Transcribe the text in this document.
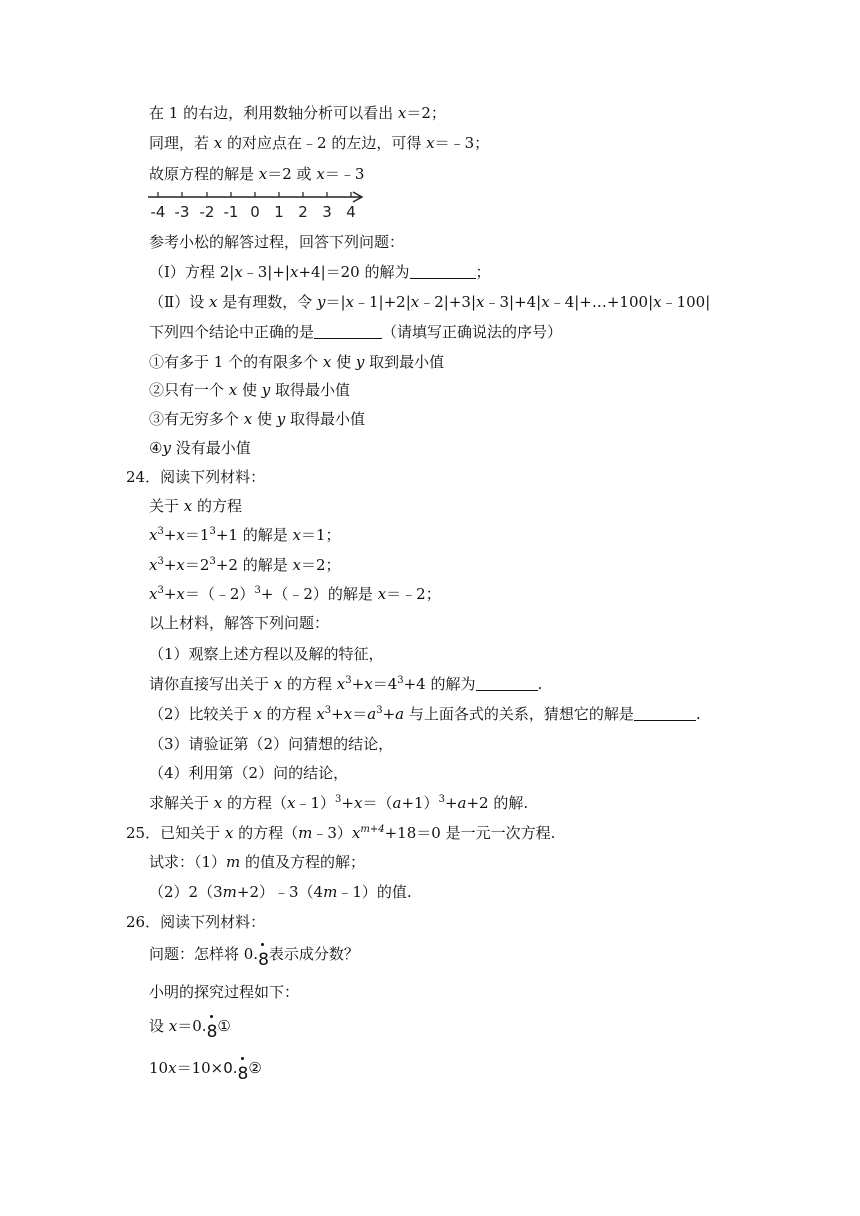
在 1 的右边，利用数轴分析可以看出 x＝2；
同理，若 x 的对应点在﹣2 的左边，可得 x＝﹣3；
故原方程的解是 x＝2 或 x＝﹣3
-4 -3 -2 -1 0 1 2 3 4
参考小松的解答过程，回答下列问题：
（Ⅰ）方程 2|x﹣3|+|x+4|＝20 的解为	；
（Ⅱ）设 x 是有理数，令 y＝|x﹣1|+2|x﹣2|+3|x﹣3|+4|x﹣4|+…+100|x﹣100|
下列四个结论中正确的是	（请填写正确说法的序号）
①有多于 1 个的有限多个 x 使 y 取到最小值
②只有一个 x 使 y 取得最小值
③有无穷多个 x 使 y 取得最小值
④y 没有最小值
24．阅读下列材料：
关于 x 的方程
$x^3+x=1^3+1$ 的解是 x＝1；
$x^3+x=2^3+2$ 的解是 x＝2；
$x^3+x=(﹣2)^3+(﹣2)$的解是 x＝﹣2；
以上材料，解答下列问题：
（1）观察上述方程以及解的特征，
请你直接写出关于 x 的方程 $x^3+x=4^3+4$ 的解为	.
（2）比较关于 x 的方程 $x^3+x=a^3+a$ 与上面各式的关系，猜想它的解是	.
（3）请验证第（2）问猜想的结论，
（4）利用第（2）问的结论，
求解关于 x 的方程$(x﹣1)^3+x=(a+1)^3+a+2$ 的解.
25．已知关于 x 的方程$(m﹣3)x^{m+4}+18=0$ 是一元一次方程.
试求：（1）m 的值及方程的解；
（2）2（3m+2）﹣3（4m﹣1）的值.
26．阅读下列材料：
问题：怎样将 0.8表示成分数？
小明的探究过程如下：
设 x＝0.8①
10x＝10×0.8②
